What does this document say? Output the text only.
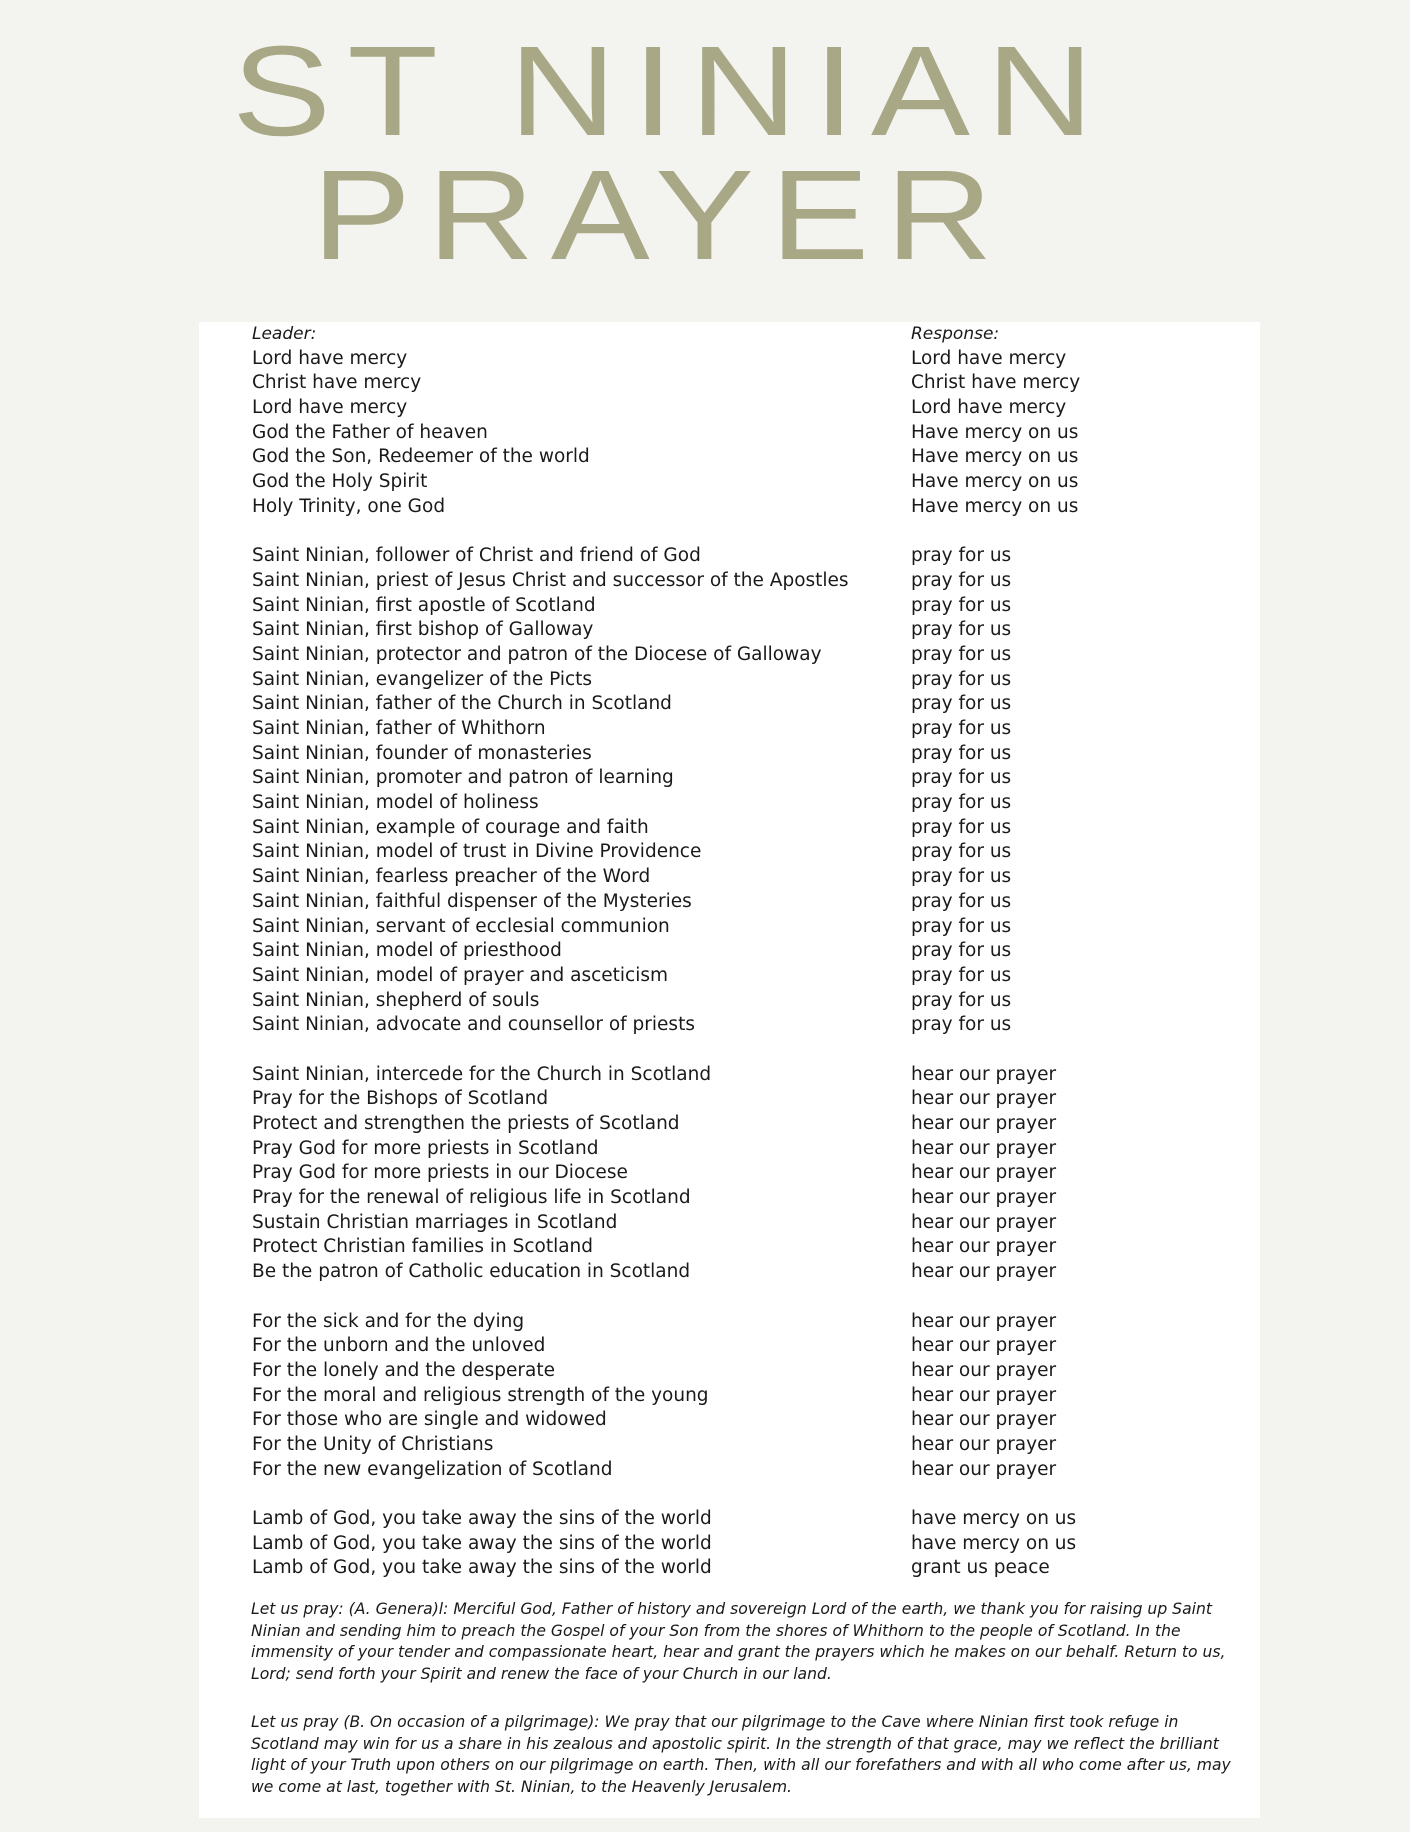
ST NINIAN
PRAYER
Leader:	Response:
Lord have mercy	Lord have mercy
Christ have mercy	Christ have mercy
Lord have mercy	Lord have mercy
God the Father of heaven	Have mercy on us
God the Son, Redeemer of the world	Have mercy on us
God the Holy Spirit	Have mercy on us
Holy Trinity, one God	Have mercy on us
Saint Ninian, follower of Christ and friend of God	pray for us
Saint Ninian, priest of Jesus Christ and successor of the Apostles	pray for us
Saint Ninian, first apostle of Scotland	pray for us
Saint Ninian, first bishop of Galloway	pray for us
Saint Ninian, protector and patron of the Diocese of Galloway	pray for us
Saint Ninian, evangelizer of the Picts	pray for us
Saint Ninian, father of the Church in Scotland	pray for us
Saint Ninian, father of Whithorn	pray for us
Saint Ninian, founder of monasteries	pray for us
Saint Ninian, promoter and patron of learning	pray for us
Saint Ninian, model of holiness	pray for us
Saint Ninian, example of courage and faith	pray for us
Saint Ninian, model of trust in Divine Providence	pray for us
Saint Ninian, fearless preacher of the Word	pray for us
Saint Ninian, faithful dispenser of the Mysteries	pray for us
Saint Ninian, servant of ecclesial communion	pray for us
Saint Ninian, model of priesthood	pray for us
Saint Ninian, model of prayer and asceticism	pray for us
Saint Ninian, shepherd of souls	pray for us
Saint Ninian, advocate and counsellor of priests	pray for us
Saint Ninian, intercede for the Church in Scotland	hear our prayer
Pray for the Bishops of Scotland	hear our prayer
Protect and strengthen the priests of Scotland	hear our prayer
Pray God for more priests in Scotland	hear our prayer
Pray God for more priests in our Diocese	hear our prayer
Pray for the renewal of religious life in Scotland	hear our prayer
Sustain Christian marriages in Scotland	hear our prayer
Protect Christian families in Scotland	hear our prayer
Be the patron of Catholic education in Scotland	hear our prayer
For the sick and for the dying	hear our prayer
For the unborn and the unloved	hear our prayer
For the lonely and the desperate	hear our prayer
For the moral and religious strength of the young	hear our prayer
For those who are single and widowed	hear our prayer
For the Unity of Christians	hear our prayer
For the new evangelization of Scotland	hear our prayer
Lamb of God, you take away the sins of the world	have mercy on us
Lamb of God, you take away the sins of the world	have mercy on us
Lamb of God, you take away the sins of the world	grant us peace

Let us pray: (A. Genera)l: Merciful God, Father of history and sovereign Lord of the earth, we thank you for raising up Saint Ninian and sending him to preach the Gospel of your Son from the shores of Whithorn to the people of Scotland. In the immensity of your tender and compassionate heart, hear and grant the prayers which he makes on our behalf. Return to us, Lord; send forth your Spirit and renew the face of your Church in our land.

Let us pray (B. On occasion of a pilgrimage): We pray that our pilgrimage to the Cave where Ninian first took refuge in Scotland may win for us a share in his zealous and apostolic spirit. In the strength of that grace, may we reflect the brilliant light of your Truth upon others on our pilgrimage on earth. Then, with all our forefathers and with all who come after us, may we come at last, together with St. Ninian, to the Heavenly Jerusalem.
